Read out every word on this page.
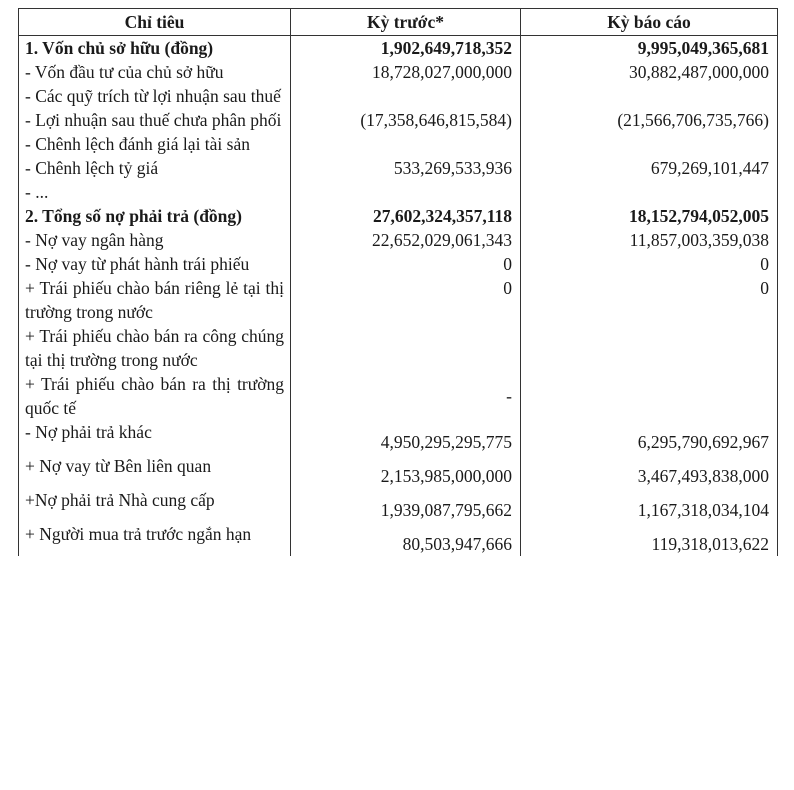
Chỉ tiêu	Kỳ trước*	Kỳ báo cáo
1. Vốn chủ sở hữu (đồng)	1,902,649,718,352	9,995,049,365,681
- Vốn đầu tư của chủ sở hữu	18,728,027,000,000	30,882,487,000,000
- Các quỹ trích từ lợi nhuận sau thuế		
- Lợi nhuận sau thuế chưa phân phối	(17,358,646,815,584)	(21,566,706,735,766)
- Chênh lệch đánh giá lại tài sản		
- Chênh lệch tỷ giá	533,269,533,936	679,269,101,447
- ...		
2. Tổng số nợ phải trả (đồng)	27,602,324,357,118	18,152,794,052,005
- Nợ vay ngân hàng	22,652,029,061,343	11,857,003,359,038
- Nợ vay từ phát hành trái phiếu	0	0
+ Trái phiếu chào bán riêng lẻ tại thị trường trong nước	0	0
+ Trái phiếu chào bán ra công chúng tại thị trường trong nước		
+ Trái phiếu chào bán ra thị trường quốc tế	-	
- Nợ phải trả khác	4,950,295,295,775	6,295,790,692,967
+ Nợ vay từ Bên liên quan	2,153,985,000,000	3,467,493,838,000
+Nợ phải trả Nhà cung cấp	1,939,087,795,662	1,167,318,034,104
+ Người mua trả trước ngắn hạn	80,503,947,666	119,318,013,622
